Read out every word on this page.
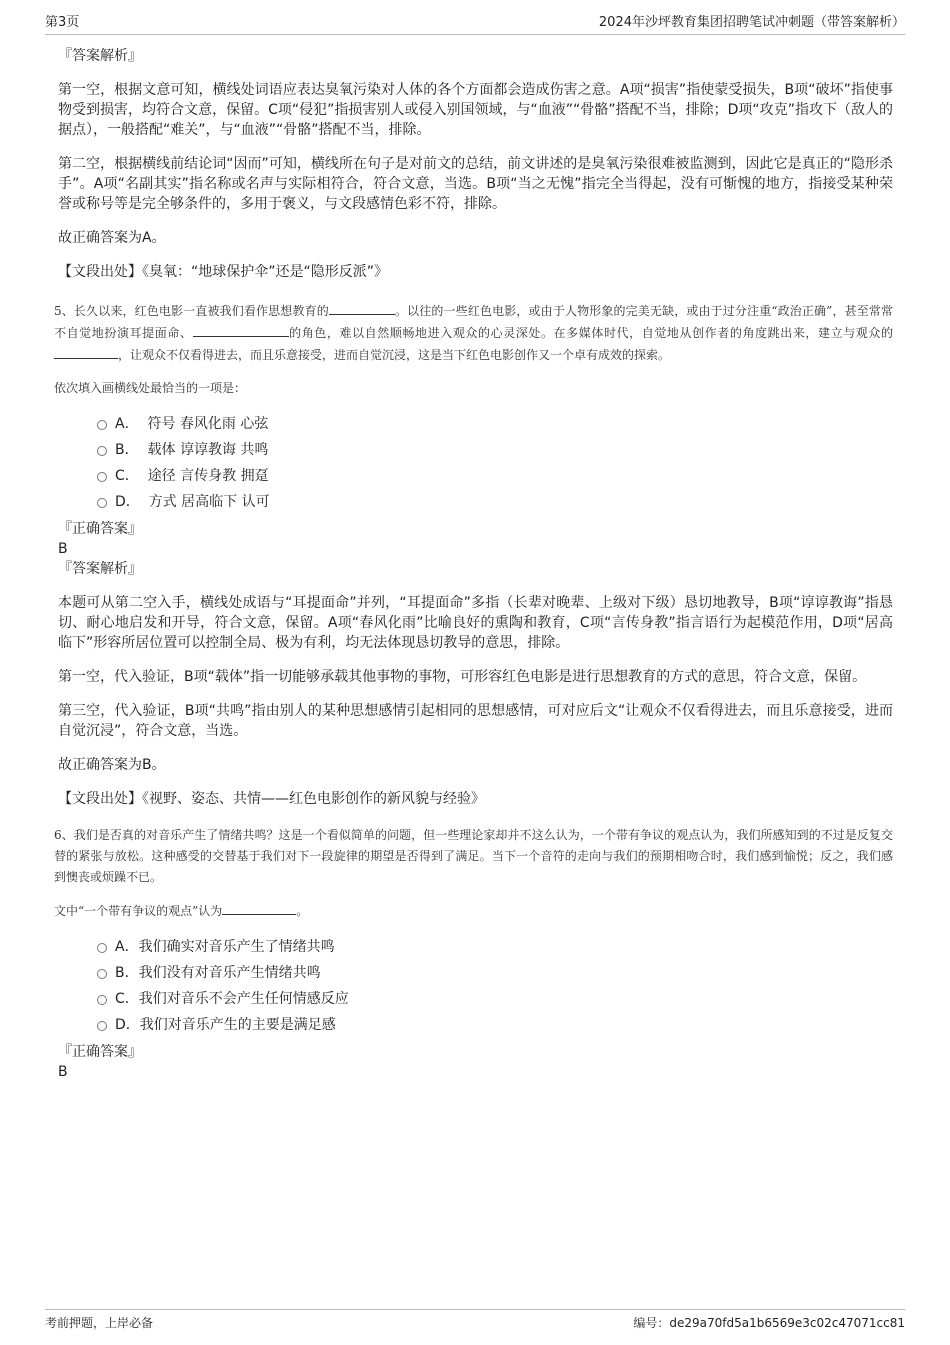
第3页	2024年沙坪教育集团招聘笔试冲刺题（带答案解析）
『答案解析』
第一空，根据文意可知，横线处词语应表达臭氧污染对人体的各个方面都会造成伤害之意。A项“损害”指使蒙受损失，B项“破坏”指使事物受到损害，均符合文意，保留。C项“侵犯”指损害别人或侵入别国领域，与“血液”“骨骼”搭配不当，排除；D项“攻克”指攻下（敌人的据点），一般搭配“难关”，与“血液”“骨骼”搭配不当，排除。
第二空，根据横线前结论词“因而”可知，横线所在句子是对前文的总结，前文讲述的是臭氧污染很难被监测到，因此它是真正的“隐形杀手”。A项“名副其实”指名称或名声与实际相符合，符合文意，当选。B项“当之无愧”指完全当得起，没有可惭愧的地方，指接受某种荣誉或称号等是完全够条件的，多用于褒义，与文段感情色彩不符，排除。
故正确答案为A。
【文段出处】《臭氧：“地球保护伞”还是“隐形反派”》
5、长久以来，红色电影一直被我们看作思想教育的	。以往的一些红色电影，或由于人物形象的完美无缺，或由于过分注重“政治正确”，甚至常常不自觉地扮演耳提面命、	的角色，难以自然顺畅地进入观众的心灵深处。在多媒体时代，自觉地从创作者的角度跳出来，建立与观众的，让观众不仅看得进去，而且乐意接受，进而自觉沉浸，这是当下红色电影创作又一个卓有成效的探索。
依次填入画横线处最恰当的一项是：
A． 符号 春风化雨 心弦
B． 载体 谆谆教诲 共鸣
C． 途径 言传身教 拥趸
D． 方式 居高临下 认可
『正确答案』
B
『答案解析』
本题可从第二空入手，横线处成语与“耳提面命”并列，“耳提面命”多指（长辈对晚辈、上级对下级）恳切地教导，B项“谆谆教诲”指恳切、耐心地启发和开导，符合文意，保留。A项“春风化雨”比喻良好的熏陶和教育，C项“言传身教”指言语行为起模范作用，D项“居高临下”形容所居位置可以控制全局、极为有利，均无法体现恳切教导的意思，排除。
第一空，代入验证，B项“载体”指一切能够承载其他事物的事物，可形容红色电影是进行思想教育的方式的意思，符合文意，保留。
第三空，代入验证，B项“共鸣”指由别人的某种思想感情引起相同的思想感情，可对应后文“让观众不仅看得进去，而且乐意接受，进而自觉沉浸”，符合文意，当选。
故正确答案为B。
【文段出处】《视野、姿态、共情——红色电影创作的新风貌与经验》
6、我们是否真的对音乐产生了情绪共鸣？这是一个看似简单的问题，但一些理论家却并不这么认为，一个带有争议的观点认为，我们所感知到的不过是反复交替的紧张与放松。这种感受的交替基于我们对下一段旋律的期望是否得到了满足。当下一个音符的走向与我们的预期相吻合时，我们感到愉悦；反之，我们感到懊丧或烦躁不已。
文中“一个带有争议的观点”认为	。
A．我们确实对音乐产生了情绪共鸣
B．我们没有对音乐产生情绪共鸣
C．我们对音乐不会产生任何情感反应
D．我们对音乐产生的主要是满足感
『正确答案』
B
考前押题，上岸必备	编号：de29a70fd5a1b6569e3c02c47071cc81
